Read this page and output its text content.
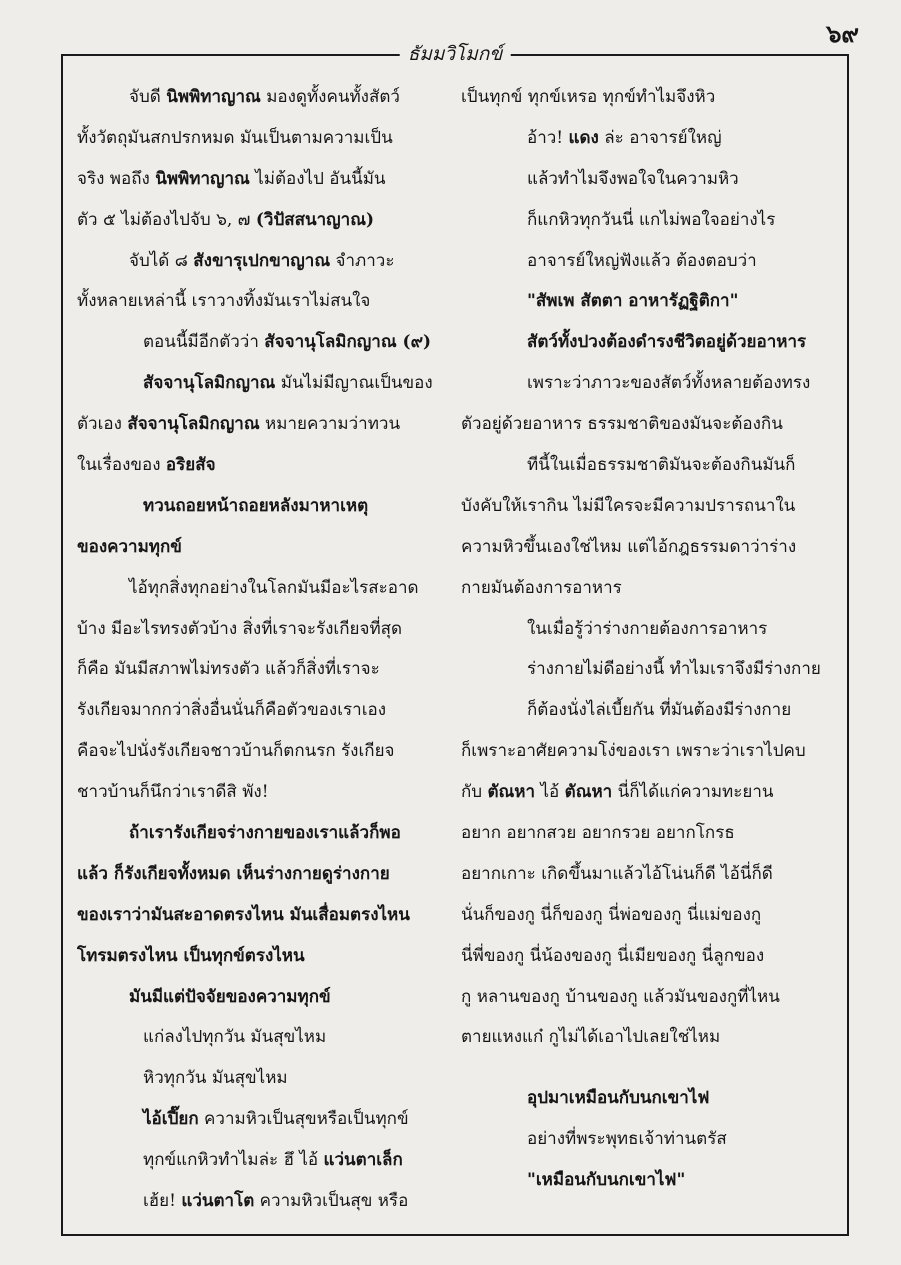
๖๙
ธัมมวิโมกข์
จับดี นิพพิทาญาณ มองดูทั้งคนทั้งสัตว์
ทั้งวัตถุมันสกปรกหมด มันเป็นตามความเป็น
จริง พอถึง นิพพิทาญาณ ไม่ต้องไป อันนี้มัน
ตัว ๕ ไม่ต้องไปจับ ๖, ๗ (วิปัสสนาญาณ)
จับได้ ๘ สังขารุเปกขาญาณ จำภาวะ
ทั้งหลายเหล่านี้ เราวางทิ้งมันเราไม่สนใจ
ตอนนี้มีอีกตัวว่า สัจจานุโลมิกญาณ (๙)
สัจจานุโลมิกญาณ มันไม่มีญาณเป็นของ
ตัวเอง สัจจานุโลมิกญาณ หมายความว่าทวน
ในเรื่องของ อริยสัจ
ทวนถอยหน้าถอยหลังมาหาเหตุ
ของความทุกข์
ไอ้ทุกสิ่งทุกอย่างในโลกมันมีอะไรสะอาด
บ้าง มีอะไรทรงตัวบ้าง สิ่งที่เราจะรังเกียจที่สุด
ก็คือ มันมีสภาพไม่ทรงตัว แล้วก็สิ่งที่เราจะ
รังเกียจมากกว่าสิ่งอื่นนั่นก็คือตัวของเราเอง
คือจะไปนั่งรังเกียจชาวบ้านก็ตกนรก รังเกียจ
ชาวบ้านก็นึกว่าเราดีสิ พัง!
ถ้าเรารังเกียจร่างกายของเราแล้วก็พอ
แล้ว ก็รังเกียจทั้งหมด เห็นร่างกายดูร่างกาย
ของเราว่ามันสะอาดตรงไหน มันเสื่อมตรงไหน
โทรมตรงไหน เป็นทุกข์ตรงไหน
มันมีแต่ปัจจัยของความทุกข์
แก่ลงไปทุกวัน มันสุขไหม
หิวทุกวัน มันสุขไหม
ไอ้เปี๊ยก ความหิวเป็นสุขหรือเป็นทุกข์
ทุกข์แกหิวทำไมล่ะ ฮึ ไอ้ แว่นตาเล็ก
เฮ้ย! แว่นตาโต ความหิวเป็นสุข หรือ
เป็นทุกข์ ทุกข์เหรอ ทุกข์ทำไมจึงหิว
อ้าว! แดง ล่ะ อาจารย์ใหญ่
แล้วทำไมจึงพอใจในความหิว
ก็แกหิวทุกวันนี่ แกไม่พอใจอย่างไร
อาจารย์ใหญ่ฟังแล้ว ต้องตอบว่า
"สัพเพ สัตตา อาหารัฏฐิติกา"
สัตว์ทั้งปวงต้องดำรงชีวิตอยู่ด้วยอาหาร
เพราะว่าภาวะของสัตว์ทั้งหลายต้องทรง
ตัวอยู่ด้วยอาหาร ธรรมชาติของมันจะต้องกิน
ทีนี้ในเมื่อธรรมชาติมันจะต้องกินมันก็
บังคับให้เรากิน ไม่มีใครจะมีความปรารถนาใน
ความหิวขึ้นเองใช่ไหม แต่ไอ้กฎธรรมดาว่าร่าง
กายมันต้องการอาหาร
ในเมื่อรู้ว่าร่างกายต้องการอาหาร
ร่างกายไม่ดีอย่างนี้ ทำไมเราจึงมีร่างกาย
ก็ต้องนั่งไล่เบี้ยกัน ที่มันต้องมีร่างกาย
ก็เพราะอาศัยความโง่ของเรา เพราะว่าเราไปคบ
กับ ตัณหา ไอ้ ตัณหา นี่ก็ได้แก่ความทะยาน
อยาก อยากสวย อยากรวย อยากโกรธ
อยากเกาะ เกิดขึ้นมาแล้วไอ้โน่นก็ดี ไอ้นี่ก็ดี
นั่นก็ของกู นี่ก็ของกู นี่พ่อของกู นี่แม่ของกู
นี่พี่ของกู นี่น้องของกู นี่เมียของกู นี่ลูกของ
กู หลานของกู บ้านของกู แล้วมันของกูที่ไหน
ตายแหงแก๋ กูไม่ได้เอาไปเลยใช่ไหม
อุปมาเหมือนกับนกเขาไฟ
อย่างที่พระพุทธเจ้าท่านตรัส
"เหมือนกับนกเขาไฟ"
